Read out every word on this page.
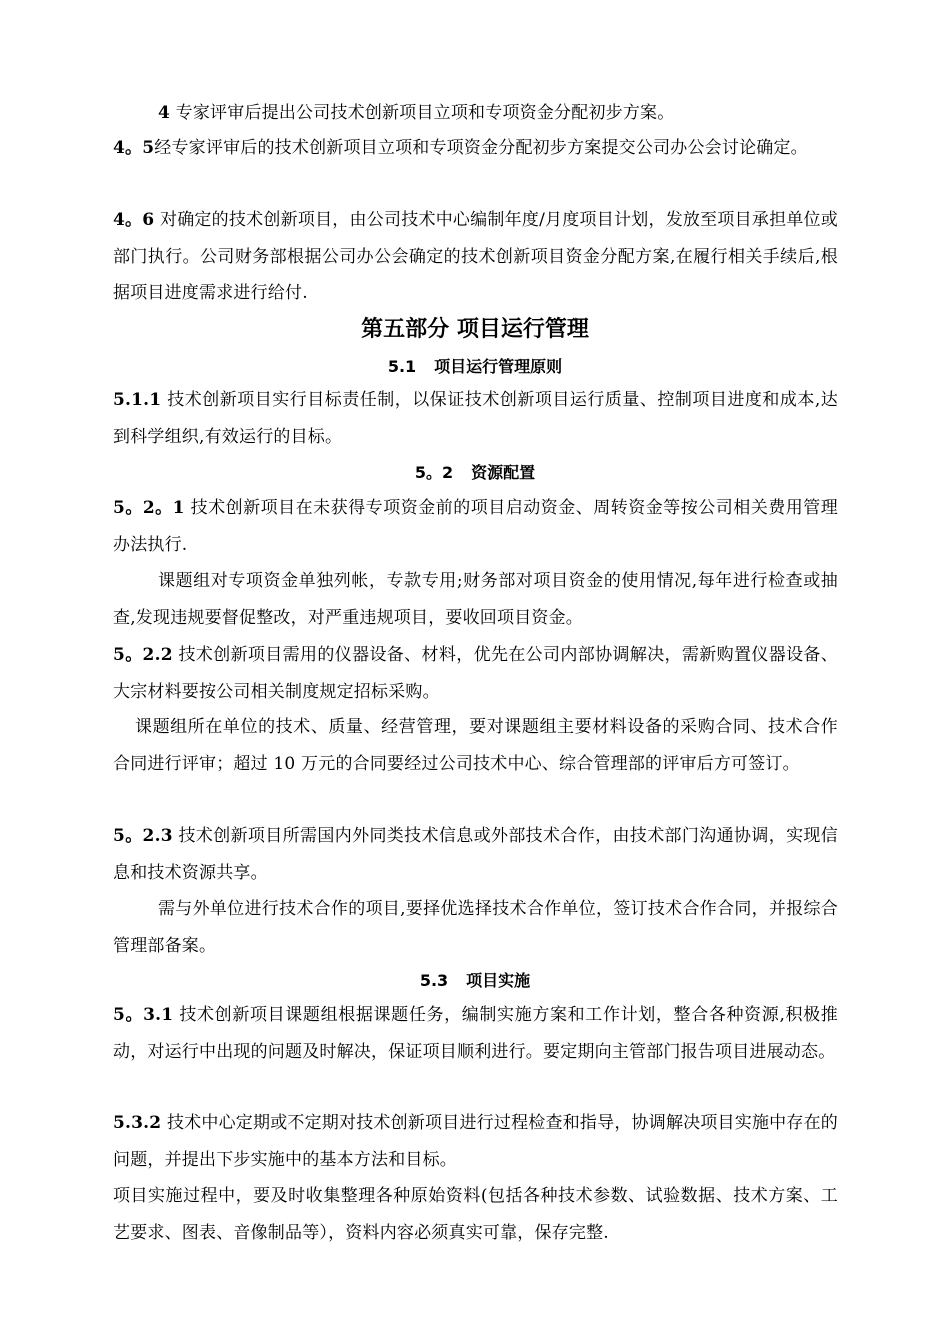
4 专家评审后提出公司技术创新项目立项和专项资金分配初步方案。

4。5经专家评审后的技术创新项目立项和专项资金分配初步方案提交公司办公会讨论确定。

4。6 对确定的技术创新项目，由公司技术中心编制年度/月度项目计划，发放至项目承担单位或部门执行。公司财务部根据公司办公会确定的技术创新项目资金分配方案,在履行相关手续后,根据项目进度需求进行给付.

第五部分 项目运行管理
5.1 项目运行管理原则

5.1.1 技术创新项目实行目标责任制，以保证技术创新项目运行质量、控制项目进度和成本,达到科学组织,有效运行的目标。

5。2 资源配置

5。2。1 技术创新项目在未获得专项资金前的项目启动资金、周转资金等按公司相关费用管理办法执行.

课题组对专项资金单独列帐，专款专用;财务部对项目资金的使用情况,每年进行检查或抽查,发现违规要督促整改，对严重违规项目，要收回项目资金。

5。2.2 技术创新项目需用的仪器设备、材料，优先在公司内部协调解决，需新购置仪器设备、大宗材料要按公司相关制度规定招标采购。

课题组所在单位的技术、质量、经营管理，要对课题组主要材料设备的采购合同、技术合作合同进行评审；超过 10 万元的合同要经过公司技术中心、综合管理部的评审后方可签订。

5。2.3 技术创新项目所需国内外同类技术信息或外部技术合作，由技术部门沟通协调，实现信息和技术资源共享。

需与外单位进行技术合作的项目,要择优选择技术合作单位，签订技术合作合同，并报综合管理部备案。

5.3 项目实施

5。3.1 技术创新项目课题组根据课题任务，编制实施方案和工作计划，整合各种资源,积极推动，对运行中出现的问题及时解决，保证项目顺利进行。要定期向主管部门报告项目进展动态。

5.3.2 技术中心定期或不定期对技术创新项目进行过程检查和指导，协调解决项目实施中存在的问题，并提出下步实施中的基本方法和目标。

项目实施过程中，要及时收集整理各种原始资料(包括各种技术参数、试验数据、技术方案、工艺要求、图表、音像制品等），资料内容必须真实可靠，保存完整.
